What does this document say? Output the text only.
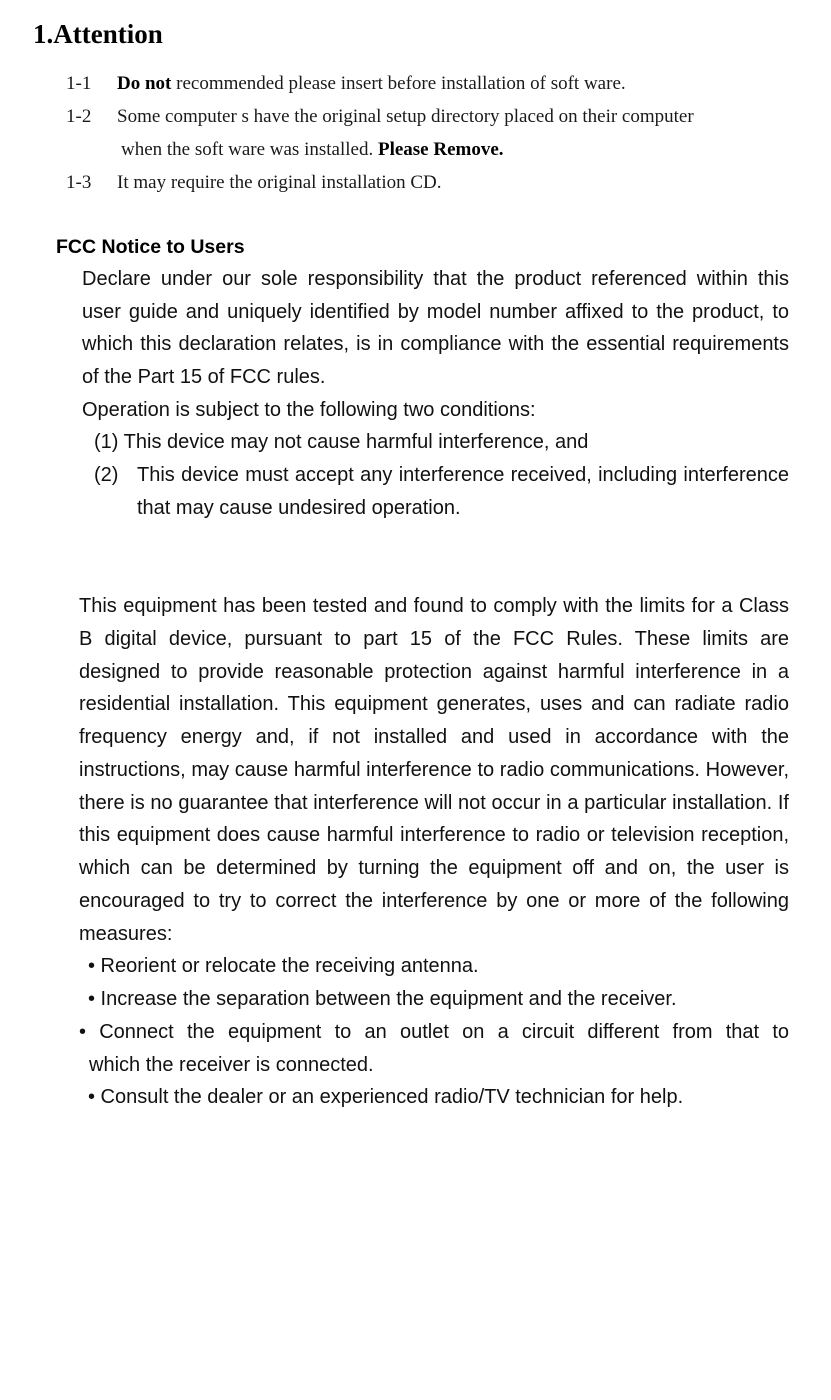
1.Attention
1-1 Do not recommended please insert before installation of soft ware.
1-2 Some computer s have the original setup directory placed on their computer
when the soft ware was installed. Please Remove.
1-3 It may require the original installation CD.
FCC Notice to Users
Declare under our sole responsibility that the product referenced within this user guide and uniquely identified by model number affixed to the product, to which this declaration relates, is in compliance with the essential requirements of the Part 15 of FCC rules.
Operation is subject to the following two conditions:
(1) This device may not cause harmful interference, and
(2) This device must accept any interference received, including interference that may cause undesired operation.
This equipment has been tested and found to comply with the limits for a Class B digital device, pursuant to part 15 of the FCC Rules. These limits are designed to provide reasonable protection against harmful interference in a residential installation. This equipment generates, uses and can radiate radio frequency energy and, if not installed and used in accordance with the instructions, may cause harmful interference to radio communications. However, there is no guarantee that interference will not occur in a particular installation. If this equipment does cause harmful interference to radio or television reception, which can be determined by turning the equipment off and on, the user is encouraged to try to correct the interference by one or more of the following measures:
• Reorient or relocate the receiving antenna.
• Increase the separation between the equipment and the receiver.
• Connect the equipment to an outlet on a circuit different from that to
which the receiver is connected.
• Consult the dealer or an experienced radio/TV technician for help.
